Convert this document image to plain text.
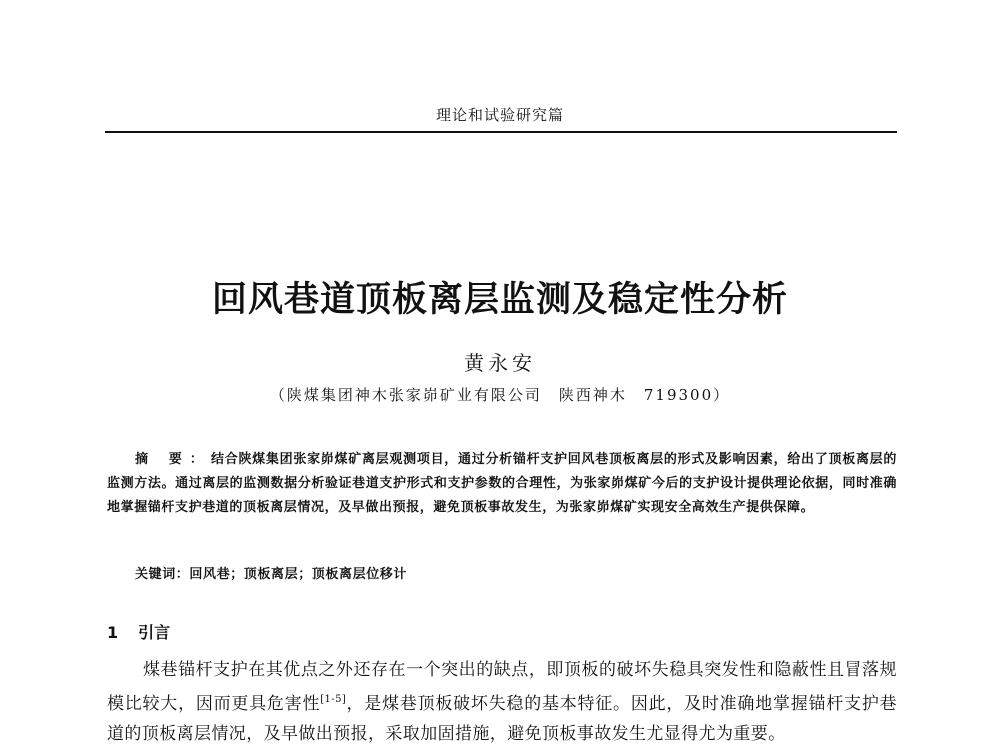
理论和试验研究篇
回风巷道顶板离层监测及稳定性分析
黄永安
（陕煤集团神木张家峁矿业有限公司　陕西神木　719300）
摘 要：结合陕煤集团张家峁煤矿离层观测项目，通过分析锚杆支护回风巷顶板离层的形式及影响因素，给出了顶板离层的监测方法。通过离层的监测数据分析验证巷道支护形式和支护参数的合理性，为张家峁煤矿今后的支护设计提供理论依据，同时准确地掌握锚杆支护巷道的顶板离层情况，及早做出预报，避免顶板事故发生，为张家峁煤矿实现安全高效生产提供保障。
关键词：回风巷；顶板离层；顶板离层位移计
1 引言
煤巷锚杆支护在其优点之外还存在一个突出的缺点，即顶板的破坏失稳具突发性和隐蔽性且冒落规模比较大，因而更具危害性[1-5]，是煤巷顶板破坏失稳的基本特征。因此，及时准确地掌握锚杆支护巷道的顶板离层情况，及早做出预报，采取加固措施，避免顶板事故发生尤显得尤为重要。
